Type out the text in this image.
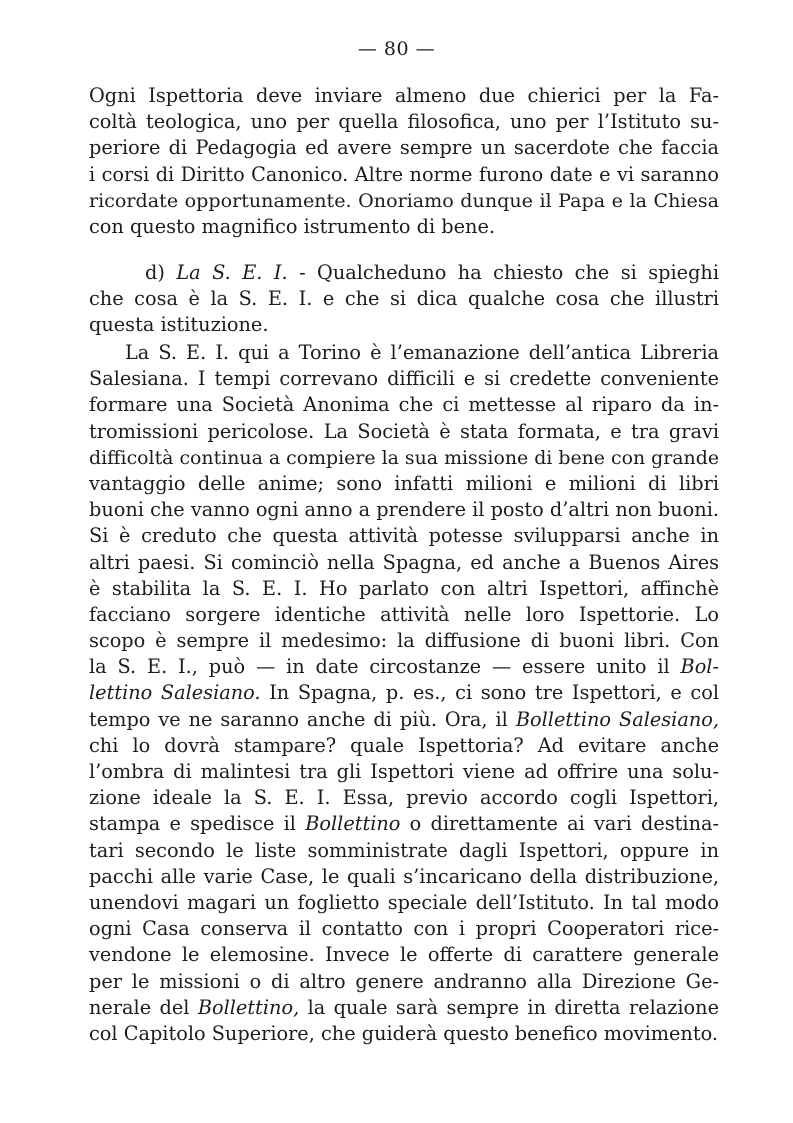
— 80 —
Ogni Ispettoria deve inviare almeno due chierici per la Fa-
coltà teologica, uno per quella filosofica, uno per l’Istituto su-
periore di Pedagogia ed avere sempre un sacerdote che faccia
i corsi di Diritto Canonico. Altre norme furono date e vi saranno
ricordate opportunamente. Onoriamo dunque il Papa e la Chiesa
con questo magnifico istrumento di bene.
d) La S. E. I. - Qualcheduno ha chiesto che si spieghi
che cosa è la S. E. I. e che si dica qualche cosa che illustri
questa istituzione.
La S. E. I. qui a Torino è l’emanazione dell’antica Libreria
Salesiana. I tempi correvano difficili e si credette conveniente
formare una Società Anonima che ci mettesse al riparo da in-
tromissioni pericolose. La Società è stata formata, e tra gravi
difficoltà continua a compiere la sua missione di bene con grande
vantaggio delle anime; sono infatti milioni e milioni di libri
buoni che vanno ogni anno a prendere il posto d’altri non buoni.
Si è creduto che questa attività potesse svilupparsi anche in
altri paesi. Si cominciò nella Spagna, ed anche a Buenos Aires
è stabilita la S. E. I. Ho parlato con altri Ispettori, affinchè
facciano sorgere identiche attività nelle loro Ispettorie. Lo
scopo è sempre il medesimo: la diffusione di buoni libri. Con
la S. E. I., può — in date circostanze — essere unito il Bol-
lettino Salesiano. In Spagna, p. es., ci sono tre Ispettori, e col
tempo ve ne saranno anche di più. Ora, il Bollettino Salesiano,
chi lo dovrà stampare? quale Ispettoria? Ad evitare anche
l’ombra di malintesi tra gli Ispettori viene ad offrire una solu-
zione ideale la S. E. I. Essa, previo accordo cogli Ispettori,
stampa e spedisce il Bollettino o direttamente ai vari destina-
tari secondo le liste somministrate dagli Ispettori, oppure in
pacchi alle varie Case, le quali s’incaricano della distribuzione,
unendovi magari un foglietto speciale dell’Istituto. In tal modo
ogni Casa conserva il contatto con i propri Cooperatori rice-
vendone le elemosine. Invece le offerte di carattere generale
per le missioni o di altro genere andranno alla Direzione Ge-
nerale del Bollettino, la quale sarà sempre in diretta relazione
col Capitolo Superiore, che guiderà questo benefico movimento.
